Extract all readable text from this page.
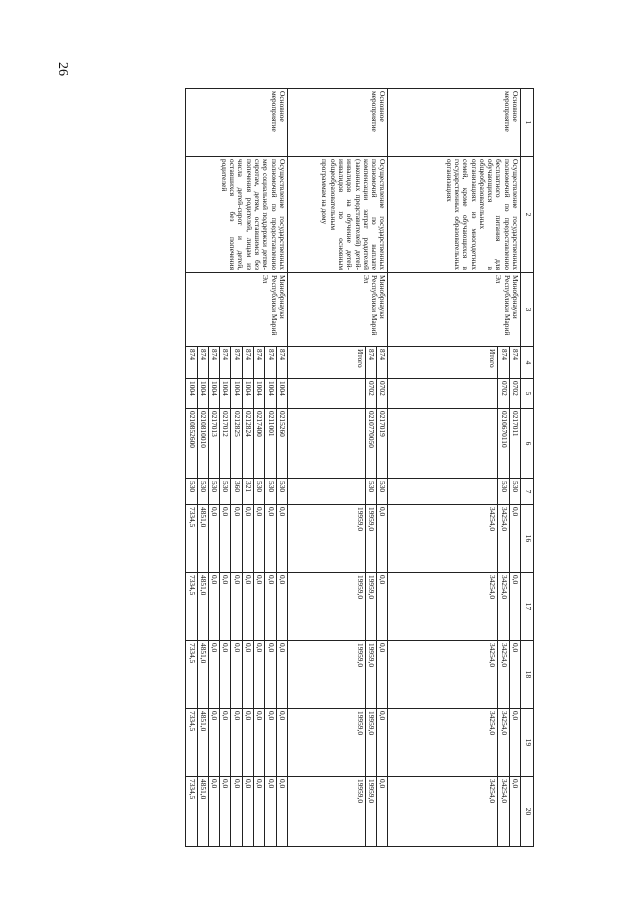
26
1	2	3	4	5	6	7	16	17	18	19	20
Основное мероприятие	Осуществление государственных полномочий по предоставлению бесплатного питания для обучающихся в общеобразовательных организациях из многодетных семей, кроме обучающихся в государственных образовательных организациях	Минобрнауки Республики Марий Эл	874	0702	0217011	530	0,0	0,0	0,0	0,0	0,0
			874	0702	0210670110	530	34254,0	34254,0	34254,0	34254,0	34254,0
			Итого				34254,0	34254,0	34254,0	34254,0	34254,0
Основное мероприятие	Осуществление государственных полномочий по выплате компенсации затрат родителей (законных представителей) детей-инвалидов на обучение детей-инвалидов по основным общеобразовательным программам на дому	Минобрнауки Республики Марий Эл	874	0702	0217019	530	0,0	0,0	0,0	0,0	0,0
			874	0702	0210770050	530	19959,0	19959,0	19959,0	19959,0	19959,0
			Итого				19959,0	19959,0	19959,0	19959,0	19959,0
Основное мероприятие	Осуществление государственных полномочий по предоставлению мер социальной поддержки детям-сиротам, детям, оставшимся без попечения родителей, лицам из числа детей-сирот и детей, оставшихся без попечения родителей	Минобрнауки Республики Марий Эл	874	1004	0215260	530	0,0	0,0	0,0	0,0	0,0
			874	1004	0211001	530	0,0	0,0	0,0	0,0	0,0
			874	1004	0217400	530	0,0	0,0	0,0	0,0	0,0
			874	1004	0212824	321	0,0	0,0	0,0	0,0	0,0
			874	1004	0212825	360	0,0	0,0	0,0	0,0	0,0
			874	1004	0217012	530	0,0	0,0	0,0	0,0	0,0
			874	1004	0217013	530	0,0	0,0	0,0	0,0	0,0
			874	1004	0210810010	530	4851,0	4851,0	4851,0	4851,0	4851,0
			874	1004	0210852600	530	7334,5	7334,5	7334,5	7334,5	7334,5
